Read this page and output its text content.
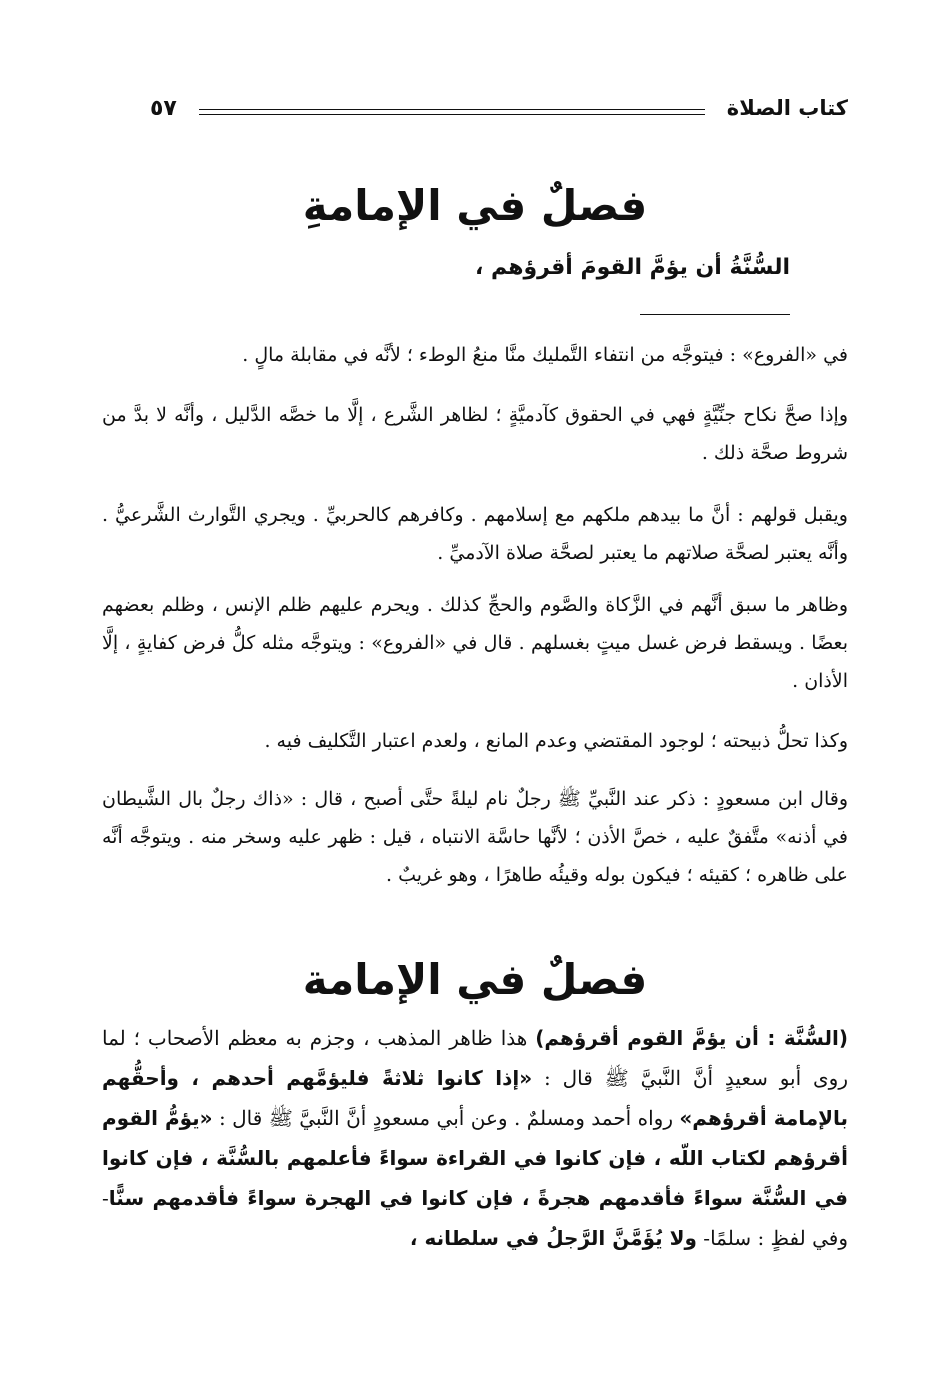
كتاب الصلاة
٥٧
فصلٌ في الإمامةِ
السُّنَّةُ أن يؤمَّ القومَ أقرؤهم ،
في «الفروع» : فيتوجَّه من انتفاء التَّمليك منَّا منعُ الوطء ؛ لأنَّه في مقابلة مالٍ .
وإذا صحَّ نكاح جنِّيَّةٍ فهي في الحقوق كآدميَّةٍ ؛ لظاهر الشَّرع ، إلَّا ما خصَّه الدَّليل ، وأنَّه لا بدَّ من شروط صحَّة ذلك .
ويقبل قولهم : أنَّ ما بيدهم ملكهم مع إسلامهم . وكافرهم كالحربيِّ . ويجري التَّوارث الشَّرعيُّ . وأنَّه يعتبر لصحَّة صلاتهم ما يعتبر لصحَّة صلاة الآدميِّ .
وظاهر ما سبق أنَّهم في الزَّكاة والصَّوم والحجِّ كذلك . ويحرم عليهم ظلم الإنس ، وظلم بعضهم بعضًا . ويسقط فرض غسل ميتٍ بغسلهم . قال في «الفروع» : ويتوجَّه مثله كلُّ فرض كفايةٍ ، إلَّا الأذان .
وكذا تحلُّ ذبيحته ؛ لوجود المقتضي وعدم المانع ، ولعدم اعتبار التَّكليف فيه .
وقال ابن مسعودٍ : ذكر عند النَّبيِّ ﷺ رجلٌ نام ليلةً حتَّى أصبح ، قال : «ذاك رجلٌ بال الشَّيطان في أذنه» متَّفقٌ عليه ، خصَّ الأذن ؛ لأنَّها حاسَّة الانتباه ، قيل : ظهر عليه وسخر منه . ويتوجَّه أنَّه على ظاهره ؛ كقيئه ؛ فيكون بوله وقيئُه طاهرًا ، وهو غريبٌ .
فصلٌ في الإمامة
(السُّنَّة : أن يؤمَّ القوم أقرؤهم) هذا ظاهر المذهب ، وجزم به معظم الأصحاب ؛ لما روى أبو سعيدٍ أنَّ النَّبيَّ ﷺ قال : «إذا كانوا ثلاثةً فليؤمَّهم أحدهم ، وأحقُّهم بالإمامة أقرؤهم» رواه أحمد ومسلمٌ . وعن أبي مسعودٍ أنَّ النَّبيَّ ﷺ قال : «يؤمُّ القوم أقرؤهم لكتاب اللّه ، فإن كانوا في القراءة سواءً فأعلمهم بالسُّنَّة ، فإن كانوا في السُّنَّة سواءً فأقدمهم هجرةً ، فإن كانوا في الهجرة سواءً فأقدمهم سنًّا- وفي لفظٍ : سلمًا- ولا يُؤَمَّنَّ الرَّجلُ في سلطانه ،
